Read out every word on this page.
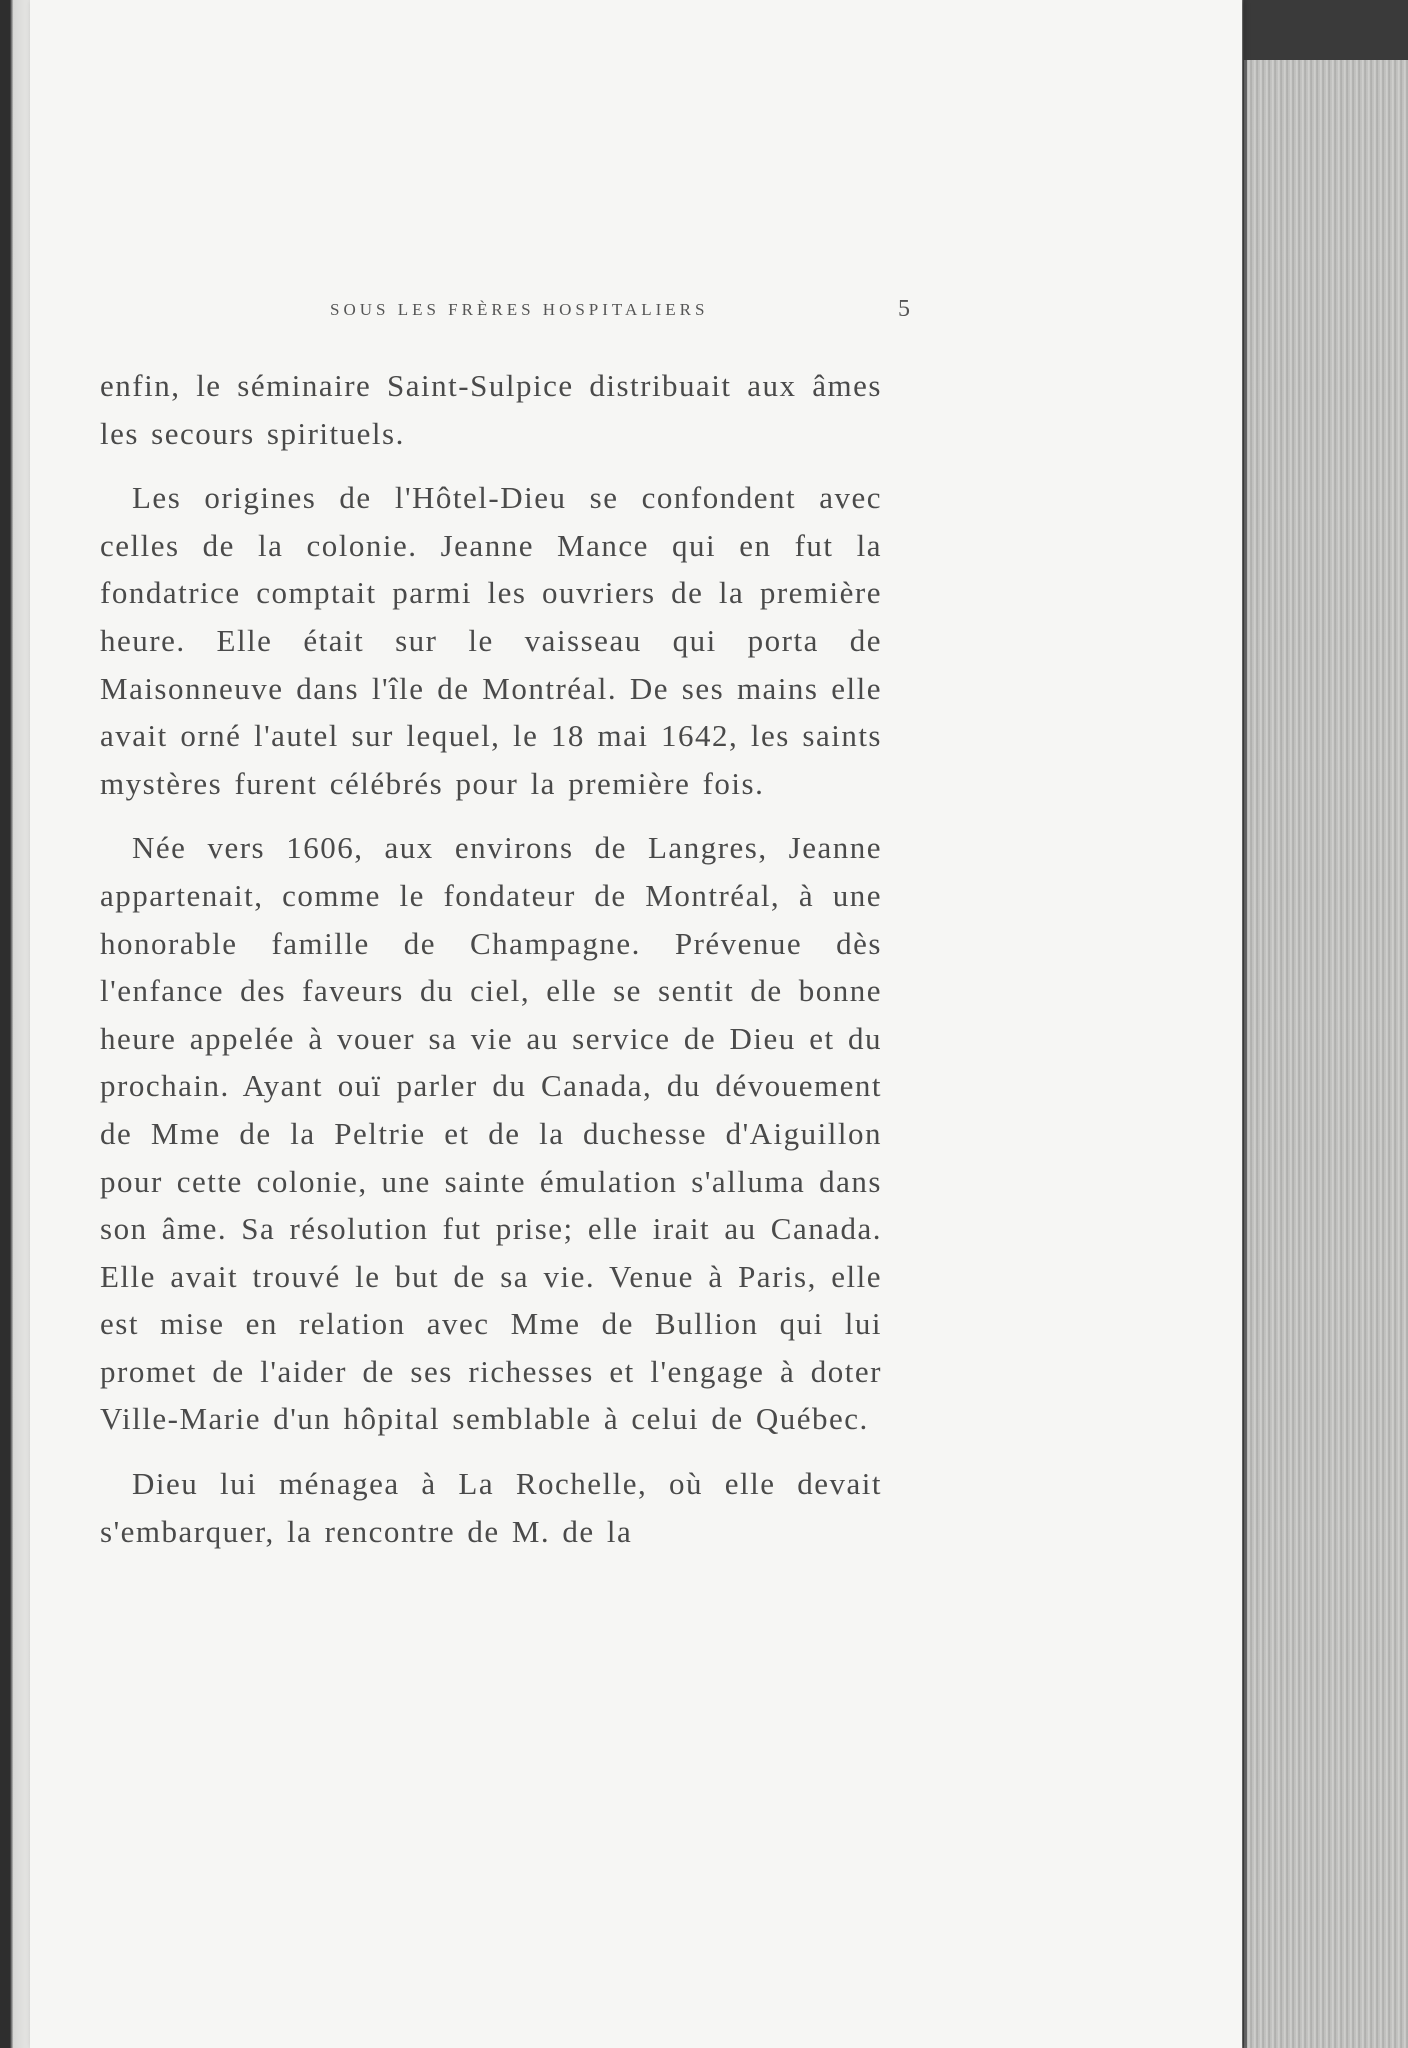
SOUS LES FRÈRES HOSPITALIERS	5

enfin, le séminaire Saint-Sulpice distribuait aux âmes les secours spirituels.

Les origines de l'Hôtel-Dieu se confondent avec celles de la colonie. Jeanne Mance qui en fut la fondatrice comptait parmi les ouvriers de la première heure. Elle était sur le vaisseau qui porta de Maisonneuve dans l'île de Montréal. De ses mains elle avait orné l'autel sur lequel, le 18 mai 1642, les saints mystères furent célébrés pour la première fois.

Née vers 1606, aux environs de Langres, Jeanne appartenait, comme le fondateur de Montréal, à une honorable famille de Champagne. Prévenue dès l'enfance des faveurs du ciel, elle se sentit de bonne heure appelée à vouer sa vie au service de Dieu et du prochain. Ayant ouï parler du Canada, du dévouement de Mme de la Peltrie et de la duchesse d'Aiguillon pour cette colonie, une sainte émulation s'alluma dans son âme. Sa résolution fut prise; elle irait au Canada. Elle avait trouvé le but de sa vie. Venue à Paris, elle est mise en relation avec Mme de Bullion qui lui promet de l'aider de ses richesses et l'engage à doter Ville-Marie d'un hôpital semblable à celui de Québec.

Dieu lui ménagea à La Rochelle, où elle devait s'embarquer, la rencontre de M. de la
